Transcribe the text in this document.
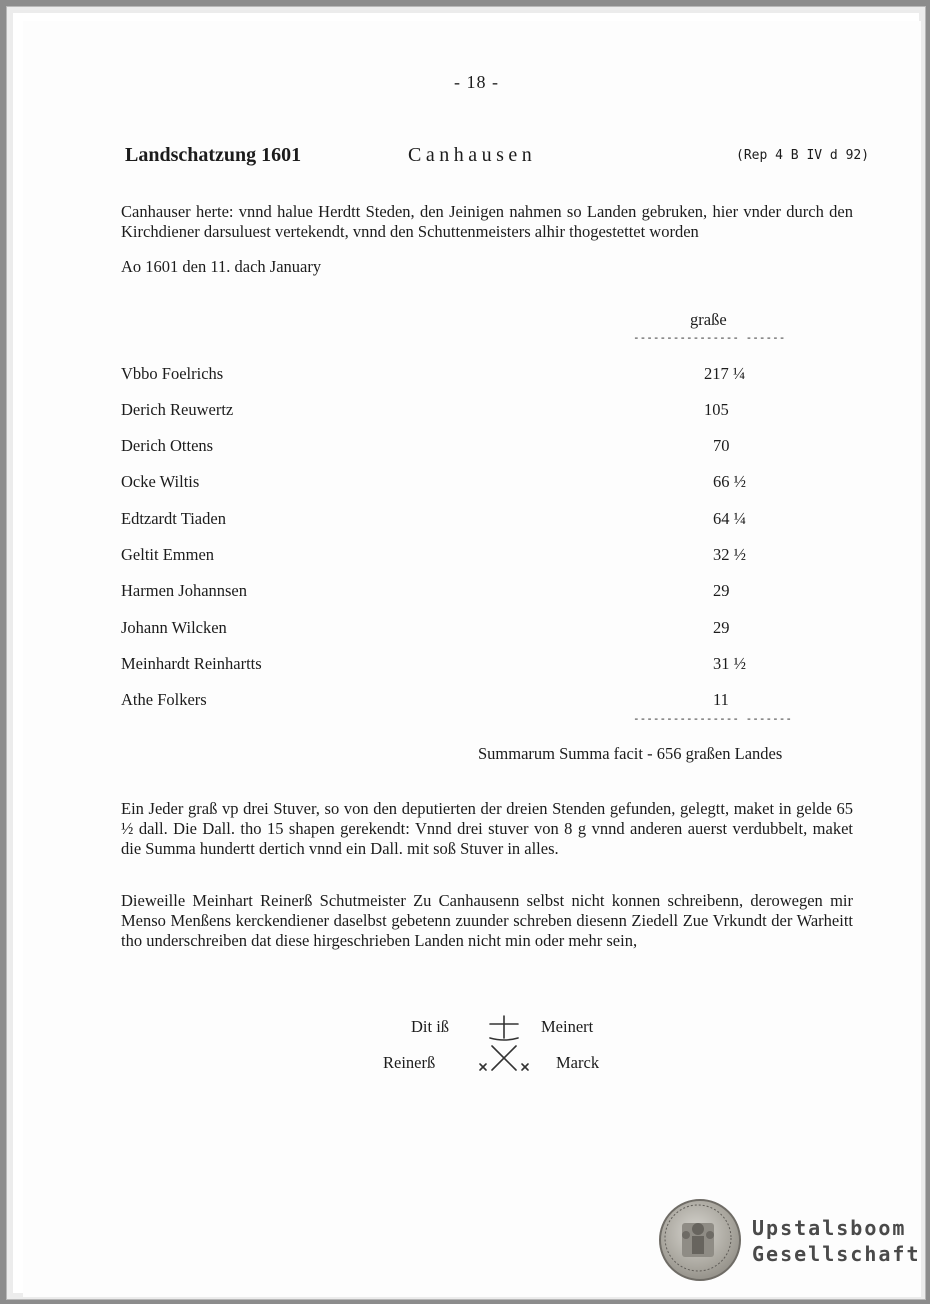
- 18 -
Landschatzung 1601	Canhausen	(Rep 4 B IV d 92)
Canhauser herte: vnnd halue Herdtt Steden, den Jeinigen nahmen so Landen gebruken, hier vnder durch den Kirchdiener darsuluest vertekendt, vnnd den Schuttenmeisters alhir thogestettet worden
Ao 1601 den 11. dach January
graße
---------------- ------
Vbbo Foelrichs	217 ¼
Derich Reuwertz	105
Derich Ottens	70
Ocke Wiltis	66 ½
Edtzardt Tiaden	64 ¼
Geltit Emmen	32 ½
Harmen Johannsen	29
Johann Wilcken	29
Meinhardt Reinhartts	31 ½
Athe Folkers	11
---------------- -------
Summarum Summa facit - 656 graßen Landes
Ein Jeder graß vp drei Stuver, so von den deputierten der dreien Stenden gefunden, gelegtt, maket in gelde 65 ½ dall. Die Dall. tho 15 shapen gerekendt: Vnnd drei stuver von 8 g vnnd anderen auerst verdubbelt, maket die Summa hundertt dertich vnnd ein Dall. mit soß Stuver in alles.
Dieweille Meinhart Reinerß Schutmeister Zu Canhausenn selbst nicht konnen schreibenn, derowegen mir Menso Menßens kerckendiener daselbst gebetenn zuunder schreben diesenn Ziedell Zue Vrkundt der Warheitt tho underschreiben dat diese hirgeschrieben Landen nicht min oder mehr sein,
Dit iß	Meinert
Reinerß	Marck
Upstalsboom
Gesellschaft
